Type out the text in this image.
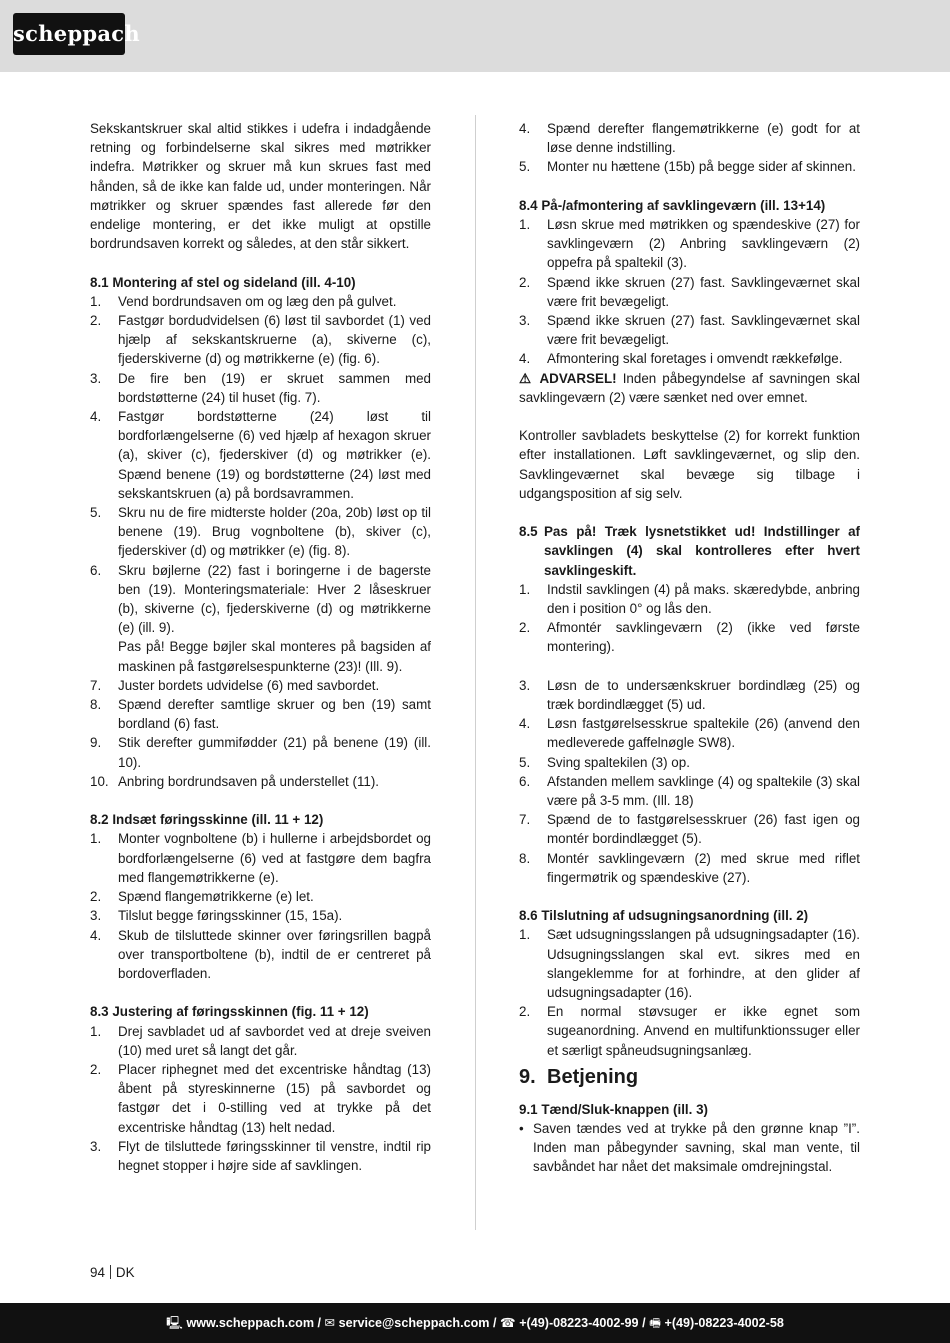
scheppach

Sekskantskruer skal altid stikkes i udefra i indadgående retning og forbindelserne skal sikres med møtrikker indefra. Møtrikker og skruer må kun skrues fast med hånden, så de ikke kan falde ud, under monteringen. Når møtrikker og skruer spændes fast allerede før den endelige montering, er det ikke muligt at opstille bordrundsaven korrekt og således, at den står sikkert.

8.1 Montering af stel og sideland (ill. 4-10)
1.	Vend bordrundsaven om og læg den på gulvet.
2.	Fastgør bordudvidelsen (6) løst til savbordet (1) ved hjælp af sekskantskruerne (a), skiverne (c), fjederskiverne (d) og møtrikkerne (e) (fig. 6).
3.	De fire ben (19) er skruet sammen med bordstøtterne (24) til huset (fig. 7).
4.	Fastgør bordstøtterne (24) løst til bordforlængelserne (6) ved hjælp af hexagon skruer (a), skiver (c), fjederskiver (d) og møtrikker (e). Spænd benene (19) og bordstøtterne (24) løst med sekskantskruen (a) på bordsavrammen.
5.	Skru nu de fire midterste holder (20a, 20b) løst op til benene (19). Brug vognboltene (b), skiver (c), fjederskiver (d) og møtrikker (e) (fig. 8).
6.	Skru bøjlerne (22) fast i boringerne i de bagerste ben (19). Monteringsmateriale: Hver 2 låseskruer (b), skiverne (c), fjederskiverne (d) og møtrikkerne (e) (ill. 9).
Pas på! Begge bøjler skal monteres på bagsiden af maskinen på fastgørelsespunkterne (23)! (Ill. 9).
7.	Juster bordets udvidelse (6) med savbordet.
8.	Spænd derefter samtlige skruer og ben (19) samt bordland (6) fast.
9.	Stik derefter gummifødder (21) på benene (19) (ill. 10).
10. Anbring bordrundsaven på understellet (11).
8.2 Indsæt føringsskinne (ill. 11 + 12)
1.	Monter vognboltene (b) i hullerne i arbejdsbordet og bordforlængelserne (6) ved at fastgøre dem bagfra med flangemøtrikkerne (e).
2.	Spænd flangemøtrikkerne (e) let.
3.	Tilslut begge føringsskinner (15, 15a).
4.	Skub de tilsluttede skinner over føringsrillen bagpå over transportboltene (b), indtil de er centreret på bordoverfladen.
8.3 Justering af føringsskinnen (fig. 11 + 12)
1.	Drej savbladet ud af savbordet ved at dreje sveiven (10) med uret så langt det går.
2.	Placer riphegnet med det excentriske håndtag (13) åbent på styreskinnerne (15) på savbordet og fastgør det i 0-stilling ved at trykke på det excentriske håndtag (13) helt nedad.
3.	Flyt de tilsluttede føringsskinner til venstre, indtil rip hegnet stopper i højre side af savklingen.
4.	Spænd derefter flangemøtrikkerne (e) godt for at løse denne indstilling.
5.	Monter nu hættene (15b) på begge sider af skinnen.
8.4 På-/afmontering af savklingeværn (ill. 13+14)
1.	Løsn skrue med møtrikken og spændeskive (27) for savklingeværn (2) Anbring savklingeværn (2) oppefra på spaltekil (3).
2.	Spænd ikke skruen (27) fast. Savklingeværnet skal være frit bevægeligt.
3.	Spænd ikke skruen (27) fast. Savklingeværnet skal være frit bevægeligt.
4.	Afmontering skal foretages i omvendt rækkefølge.

⚠ ADVARSEL! Inden påbegyndelse af savningen skal savklingeværn (2) være sænket ned over emnet.

Kontroller savbladets beskyttelse (2) for korrekt funktion efter installationen. Løft savklingeværnet, og slip den. Savklingeværnet skal bevæge sig tilbage i udgangsposition af sig selv.

8.5 Pas på! Træk lysnetstikket ud! Indstillinger af savklingen (4) skal kontrolleres efter hvert savklingeskift.
1.	Indstil savklingen (4) på maks. skæredybde, anbring den i position 0° og lås den.
2.	Afmontér savklingeværn (2) (ikke ved første montering).
3.	Løsn de to undersænkskruer bordindlæg (25) og træk bordindlægget (5) ud.
4.	Løsn fastgørelsesskrue spaltekile (26) (anvend den medleverede gaffelnøgle SW8).
5.	Sving spaltekilen (3) op.
6.	Afstanden mellem savklinge (4) og spaltekile (3) skal være på 3-5 mm. (Ill. 18)
7.	Spænd de to fastgørelsesskruer (26) fast igen og montér bordindlægget (5).
8.	Montér savklingeværn (2) med skrue med riflet fingermøtrik og spændeskive (27).
8.6 Tilslutning af udsugningsanordning (ill. 2)
1.	Sæt udsugningsslangen på udsugningsadapter (16). Udsugningsslangen skal evt. sikres med en slangeklemme for at forhindre, at den glider af udsugningsadapter (16).
2.	En normal støvsuger er ikke egnet som sugeanordning. Anvend en multifunktionssuger eller et særligt spåneudsugningsanlæg.
9. Betjening
9.1 Tænd/Sluk-knappen (ill. 3)
• Saven tændes ved at trykke på den grønne knap ”I”. Inden man påbegynder savning, skal man vente, til savbåndet har nået det maksimale omdrejningstal.
94 DK
🖳 www.scheppach.com / ✉ service@scheppach.com / ☎ +(49)-08223-4002-99 / 🖷 +(49)-08223-4002-58
